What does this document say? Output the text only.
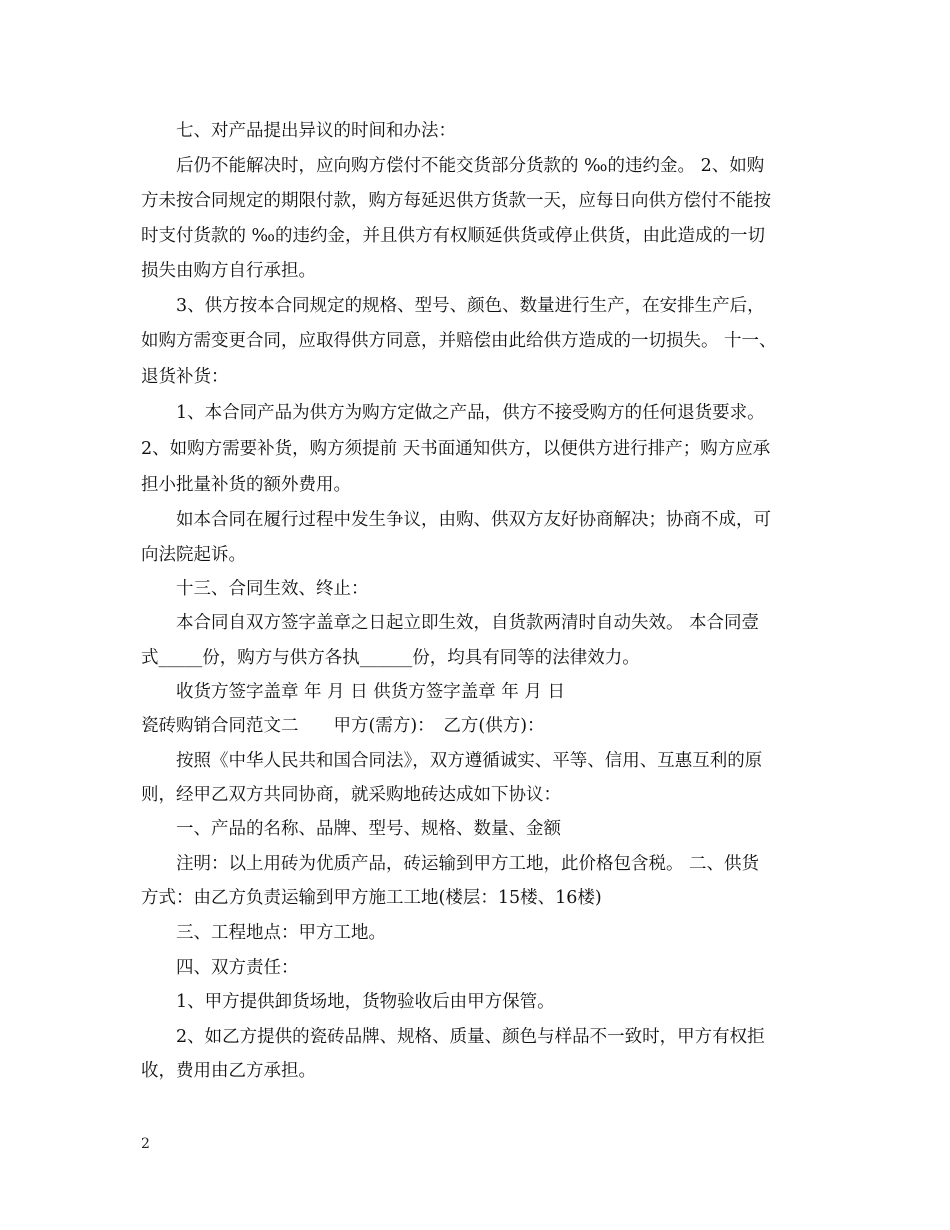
七、对产品提出异议的时间和办法：
后仍不能解决时，应向购方偿付不能交货部分货款的 ‰的违约金。 2、如购
方未按合同规定的期限付款，购方每延迟供方货款一天，应每日向供方偿付不能按
时支付货款的 ‰的违约金，并且供方有权顺延供货或停止供货，由此造成的一切
损失由购方自行承担。
3、供方按本合同规定的规格、型号、颜色、数量进行生产，在安排生产后，
如购方需变更合同，应取得供方同意，并赔偿由此给供方造成的一切损失。 十一、
退货补货：
1、本合同产品为供方为购方定做之产品，供方不接受购方的任何退货要求。
2、如购方需要补货，购方须提前 天书面通知供方，以便供方进行排产；购方应承
担小批量补货的额外费用。
如本合同在履行过程中发生争议，由购、供双方友好协商解决；协商不成，可
向法院起诉。
十三、合同生效、终止：
本合同自双方签字盖章之日起立即生效，自货款两清时自动失效。 本合同壹
式_____份，购方与供方各执______份，均具有同等的法律效力。
收货方签字盖章 年 月 日 供货方签字盖章 年 月 日
瓷砖购销合同范文二　　甲方(需方)：　乙方(供方)：
按照《中华人民共和国合同法》，双方遵循诚实、平等、信用、互惠互利的原
则，经甲乙双方共同协商，就采购地砖达成如下协议：
一、产品的名称、品牌、型号、规格、数量、金额
注明：以上用砖为优质产品，砖运输到甲方工地，此价格包含税。 二、供货
方式：由乙方负责运输到甲方施工工地(楼层：15楼、16楼)
三、工程地点：甲方工地。
四、双方责任：
1、甲方提供卸货场地，货物验收后由甲方保管。
2、如乙方提供的瓷砖品牌、规格、质量、颜色与样品不一致时，甲方有权拒
收，费用由乙方承担。
2
